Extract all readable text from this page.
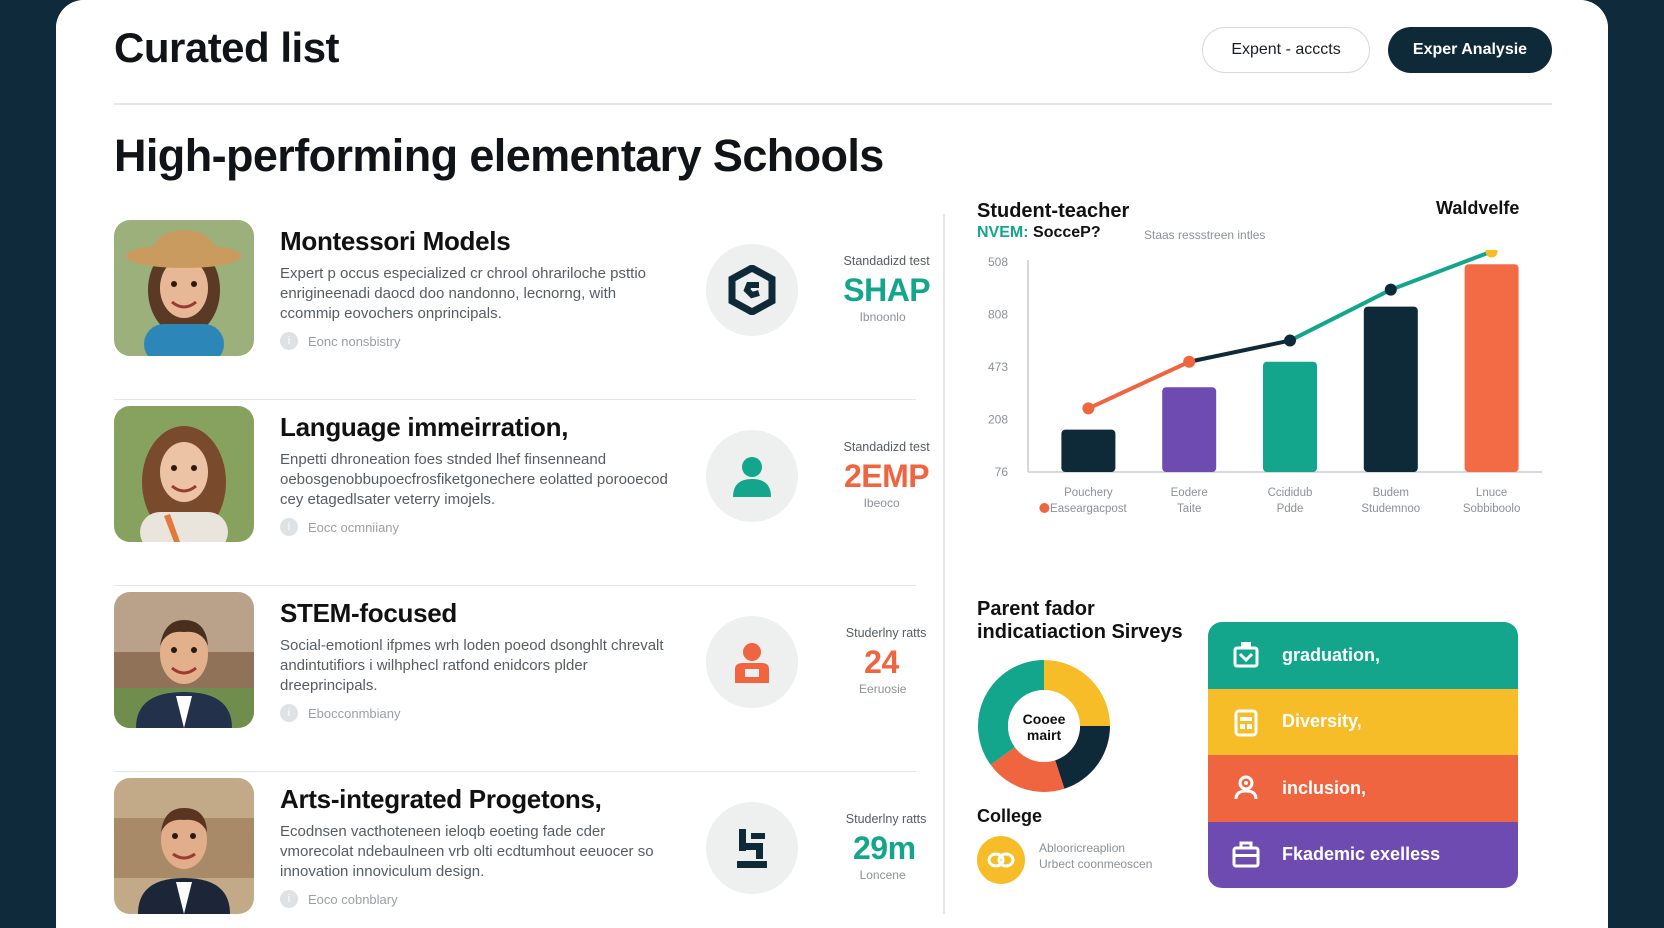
Curated list	Expent - acccts	Exper Analysie
High-performing elementary Schools
Montessori Models
Expert p occus especialized cr chrool ohrariloche psttio enrigineenadi daocd doo nandonno, lecnorng, with ccommip eovochers onprincipals.
i	Eonc nonsbistry
Standadizd test
SHAP
Ibnoonlo
Language immeirration,
Enpetti dhroneation foes stnded lhef finsenneand oebosgenobbupoecfrosfiketgonechere eolatted porooecod cey etagedlsater veterry imojels.
i	Eocc ocmniiany
Standadizd test
2EMP
Ibeoco
STEM-focused
Social-emotionl ifpmes wrh loden poeod dsonghlt chrevalt andintutifiors i wilhphecl ratfond enidcors plder dreeprincipals.
i	Ebocconmbiany
Studerlny ratts
24
Eeruosie
Arts-integrated Progetons,
Ecodnsen vacthoteneen ieloqb eoeting fade cder vmorecolat ndebaulneen vrb olti ecdtumhout eeuocer so innovation innoviculum design.
i	Eoco cobnblary
Studerlny ratts
29m
Loncene
Student-teacher
NVEM: SocceP?	Staas ressstreen intles
Waldvelfe
76
208
473
808
508
Pouchery
Easeargacpost
Eodere
Taite
Ccididub
Pdde
Budem
Studemnoo
Lnuce
Sobbiboolo
Parent fador indicatiaction Sirveys
Cooee mairt
College
Ablooricreaplion
Urbect coonmeoscen
graduation,
Diversity,
inclusion,
Fkademic exelless
